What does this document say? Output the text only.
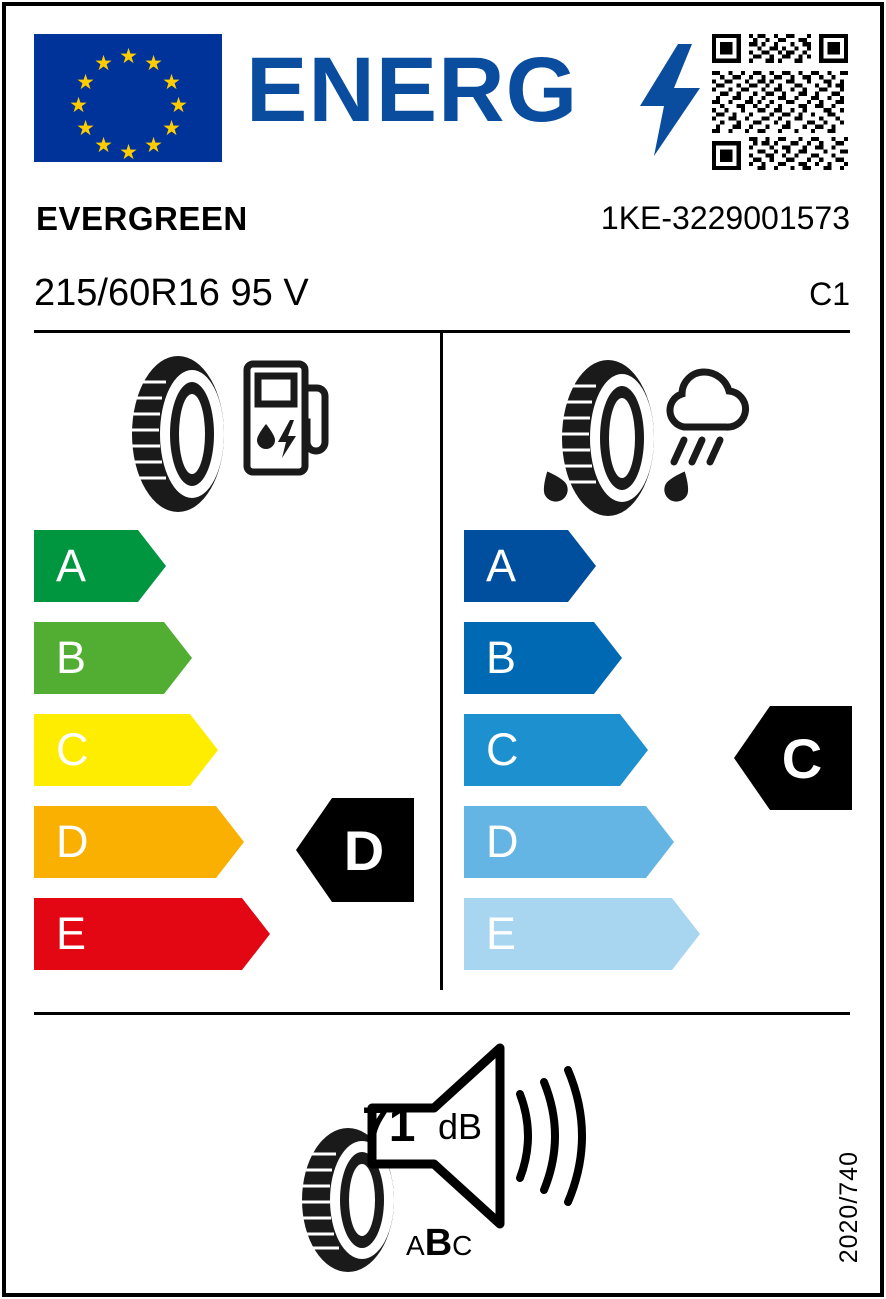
★
★ ★
★	★
★	★
★	★
★ ★
★
ENERG
EVERGREEN	1KE-3229001573
215/60R16 95 V	C1
A
B
C
D
E
D
A
B
C
D
E
C
71 dB
ABC	2020/740
